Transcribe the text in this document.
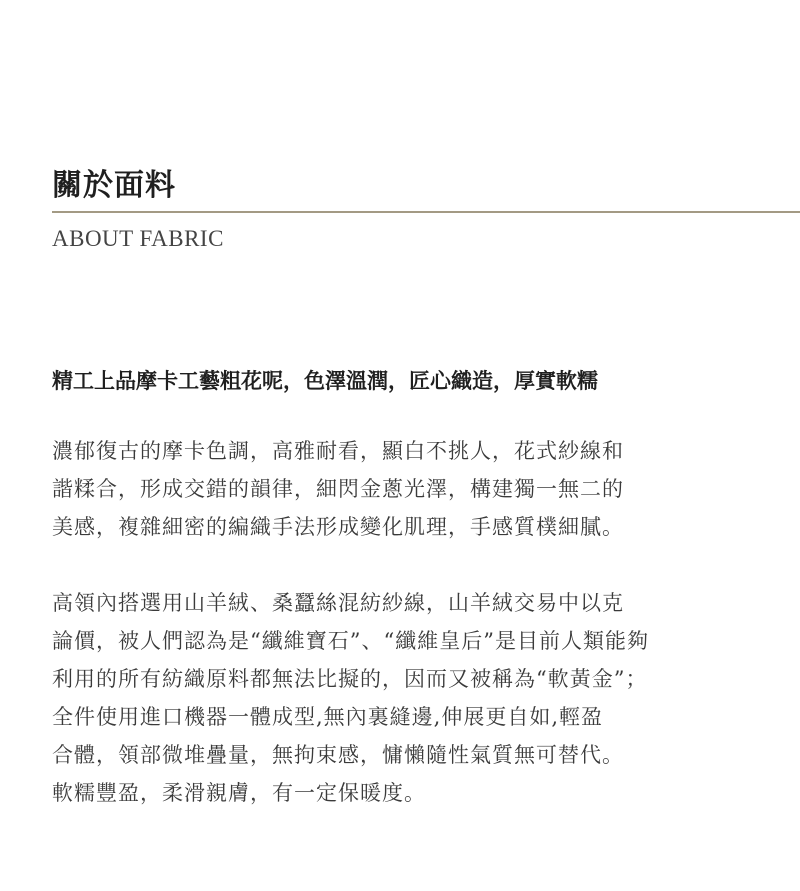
關於面料
ABOUT FABRIC
精工上品摩卡工藝粗花呢，色澤溫潤，匠心織造，厚實軟糯
濃郁復古的摩卡色調，高雅耐看，顯白不挑人，花式紗線和
諧糅合，形成交錯的韻律，細閃金蔥光澤，構建獨一無二的
美感，複雜細密的編織手法形成變化肌理，手感質樸細膩。
高領內搭選用山羊絨、桑蠶絲混紡紗線，山羊絨交易中以克
論價，被人們認為是“纖維寶石”、“纖維皇后”是目前人類能夠
利用的所有紡織原料都無法比擬的，因而又被稱為“軟黃金”；
全件使用進口機器一體成型,無內裏縫邊,伸展更自如,輕盈
合體，領部微堆疊量，無拘束感，慵懶隨性氣質無可替代。
軟糯豐盈，柔滑親膚，有一定保暖度。
